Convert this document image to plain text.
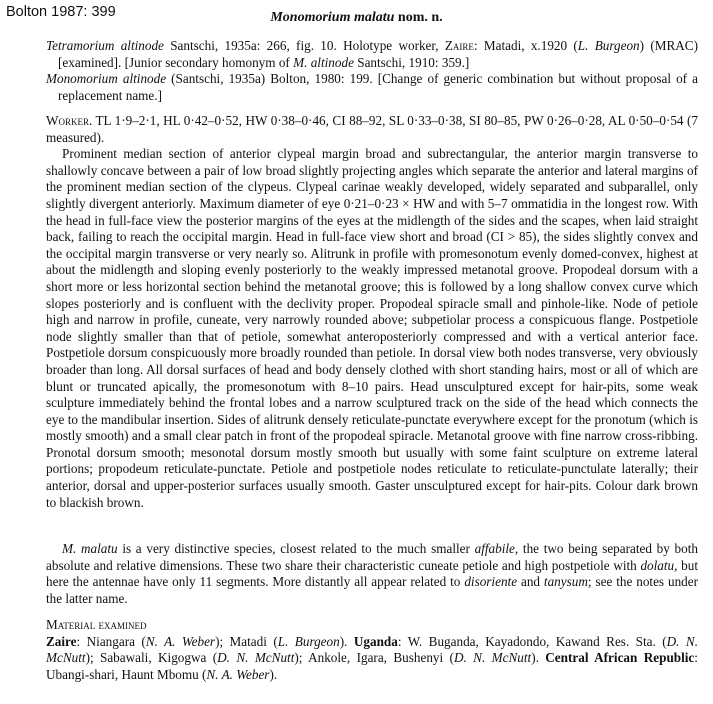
Bolton 1987: 399	Monomorium malatu nom. n.

Tetramorium altinode Santschi, 1935a: 266, fig. 10. Holotype worker, Zaire: Matadi, x.1920 (L. Burgeon) (MRAC) [examined]. [Junior secondary homonym of M. altinode Santschi, 1910: 359.]

Monomorium altinode (Santschi, 1935a) Bolton, 1980: 199. [Change of generic combination but without proposal of a replacement name.]

Worker. TL 1·9–2·1, HL 0·42–0·52, HW 0·38–0·46, CI 88–92, SL 0·33–0·38, SI 80–85, PW 0·26–0·28, AL 0·50–0·54 (7 measured).

Prominent median section of anterior clypeal margin broad and subrectangular, the anterior margin transverse to shallowly concave between a pair of low broad slightly projecting angles which separate the anterior and lateral margins of the prominent median section of the clypeus. Clypeal carinae weakly developed, widely separated and subparallel, only slightly divergent anteriorly. Maximum diameter of eye 0·21–0·23 × HW and with 5–7 ommatidia in the longest row. With the head in full-face view the posterior margins of the eyes at the midlength of the sides and the scapes, when laid straight back, failing to reach the occipital margin. Head in full-face view short and broad (CI > 85), the sides slightly convex and the occipital margin transverse or very nearly so. Alitrunk in profile with promesonotum evenly domed-convex, highest at about the midlength and sloping evenly posteriorly to the weakly impressed metanotal groove. Propodeal dorsum with a short more or less horizontal section behind the metanotal groove; this is followed by a long shallow convex curve which slopes posteriorly and is confluent with the declivity proper. Propodeal spiracle small and pinhole-like. Node of petiole high and narrow in profile, cuneate, very narrowly rounded above; subpetiolar process a conspicuous flange. Postpetiole node slightly smaller than that of petiole, somewhat anteroposteriorly compressed and with a vertical anterior face. Postpetiole dorsum conspicuously more broadly rounded than petiole. In dorsal view both nodes transverse, very obviously broader than long. All dorsal surfaces of head and body densely clothed with short standing hairs, most or all of which are blunt or truncated apically, the promesonotum with 8–10 pairs. Head unsculptured except for hair-pits, some weak sculpture immediately behind the frontal lobes and a narrow sculptured track on the side of the head which connects the eye to the mandibular insertion. Sides of alitrunk densely reticulate-punctate everywhere except for the pronotum (which is mostly smooth) and a small clear patch in front of the propodeal spiracle. Metanotal groove with fine narrow cross-ribbing. Pronotal dorsum smooth; mesonotal dorsum mostly smooth but usually with some faint sculpture on extreme lateral portions; propodeum reticulate-punctate. Petiole and postpetiole nodes reticulate to reticulate-punctulate laterally; their anterior, dorsal and upper-posterior surfaces usually smooth. Gaster unsculptured except for hair-pits. Colour dark brown to blackish brown.

M. malatu is a very distinctive species, closest related to the much smaller affabile, the two being separated by both absolute and relative dimensions. These two share their characteristic cuneate petiole and high postpetiole with dolatu, but here the antennae have only 11 segments. More distantly all appear related to disoriente and tanysum; see the notes under the latter name.

Material examined

Zaire: Niangara (N. A. Weber); Matadi (L. Burgeon). Uganda: W. Buganda, Kayadondo, Kawand Res. Sta. (D. N. McNutt); Sabawali, Kigogwa (D. N. McNutt); Ankole, Igara, Bushenyi (D. N. McNutt). Central African Republic: Ubangi-shari, Haunt Mbomu (N. A. Weber).
